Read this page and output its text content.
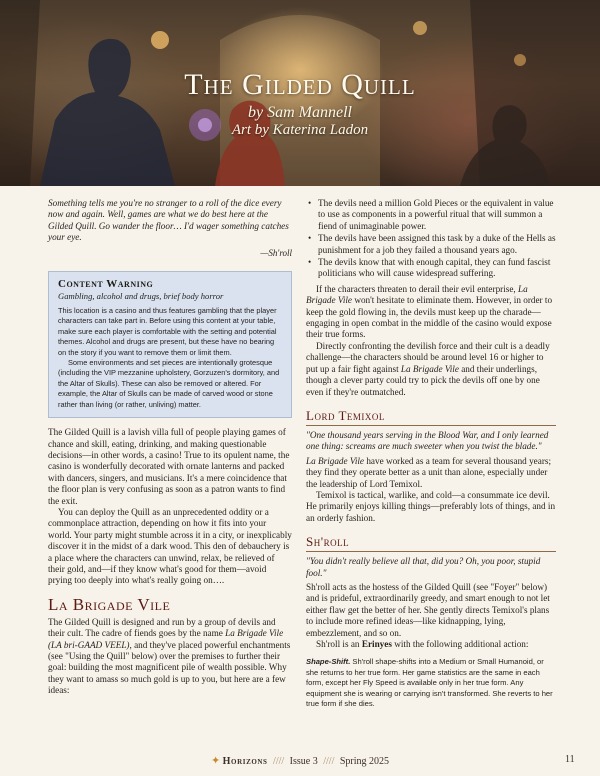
The Gilded Quill
by Sam Mannell
Art by Katerina Ladon

Something tells me you're no stranger to a roll of the dice every now and again. Well, games are what we do best here at the Gilded Quill. Go wander the floor… I'd wager something catches your eye.

—Sh'roll

Content Warning
Gambling, alcohol and drugs, brief body horror

This location is a casino and thus features gambling that the player characters can take part in. Before using this content at your table, make sure each player is comfortable with the setting and potential themes. Alcohol and drugs are present, but these have no bearing on the story if you want to remove them or limit them.

Some environments and set pieces are intentionally grotesque (including the VIP mezzanine upholstery, Gorzuzen's dormitory, and the Altar of Skulls). These can also be removed or altered. For example, the Altar of Skulls can be made of carved wood or stone rather than living (or rather, unliving) matter.

The Gilded Quill is a lavish villa full of people playing games of chance and skill, eating, drinking, and making questionable decisions—in other words, a casino! True to its opulent name, the casino is wonderfully decorated with ornate lanterns and packed with dancers, singers, and musicians. It's a mere coincidence that the floor plan is very confusing as soon as a patron wants to find the exit.

You can deploy the Quill as an unprecedented oddity or a commonplace attraction, depending on how it fits into your world. Your party might stumble across it in a city, or inexplicably discover it in the midst of a dark wood. This den of debauchery is a place where the characters can unwind, relax, be relieved of their gold, and—if they know what's good for them—avoid prying too deeply into what's really going on….

La Brigade Vile

The Gilded Quill is designed and run by a group of devils and their cult. The cadre of fiends goes by the name La Brigade Vile (LA bri-GAAD VEEL), and they've placed powerful enchantments (see "Using the Quill" below) over the premises to further their goal: building the most magnificent pile of wealth possible. Why they want to amass so much gold is up to you, but here are a few ideas:

• The devils need a million Gold Pieces or the equivalent in value to use as components in a powerful ritual that will summon a fiend of unimaginable power.
• The devils have been assigned this task by a duke of the Hells as punishment for a job they failed a thousand years ago.
• The devils know that with enough capital, they can fund fascist politicians who will cause widespread suffering.

If the characters threaten to derail their evil enterprise, La Brigade Vile won't hesitate to eliminate them. However, in order to keep the gold flowing in, the devils must keep up the charade—engaging in open combat in the middle of the casino would expose their true forms.

Directly confronting the devilish force and their cult is a deadly challenge—the characters should be around level 16 or higher to put up a fair fight against La Brigade Vile and their underlings, though a clever party could try to pick the devils off one by one even if they're outmatched.

Lord Temixol

"One thousand years serving in the Blood War, and I only learned one thing: screams are much sweeter when you twist the blade."

La Brigade Vile have worked as a team for several thousand years; they find they operate better as a unit than alone, especially under the leadership of Lord Temixol.

Temixol is tactical, warlike, and cold—a consummate ice devil. He primarily enjoys killing things—preferably lots of things, and in an orderly fashion.

Sh'roll

"You didn't really believe all that, did you? Oh, you poor, stupid fool."

Sh'roll acts as the hostess of the Gilded Quill (see "Foyer" below) and is prideful, extraordinarily greedy, and smart enough to not let either flaw get the better of her. She gently directs Temixol's plans to include more refined ideas—like kidnapping, lying, embezzlement, and so on.

Sh'roll is an Erinyes with the following additional action:

Shape-Shift. Sh'roll shape-shifts into a Medium or Small Humanoid, or she returns to her true form. Her game statistics are the same in each form, except her Fly Speed is available only in her true form. Any equipment she is wearing or carrying isn't transformed. She reverts to her true form if she dies.

✦ Horizons //// Issue 3 //// Spring 2025	11
